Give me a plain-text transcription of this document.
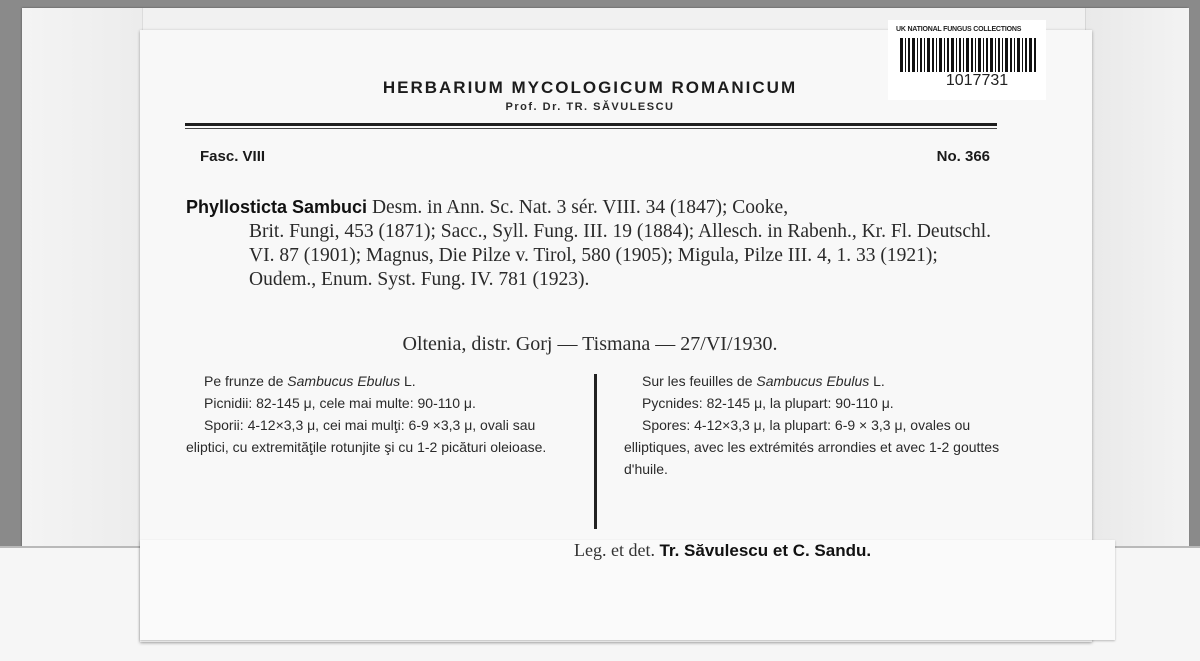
UK NATIONAL FUNGUS COLLECTIONS
1017731
HERBARIUM MYCOLOGICUM ROMANICUM
Prof. Dr. TR. SĂVULESCU
Fasc. VIII	No. 366
Phyllosticta Sambuci Desm. in Ann. Sc. Nat. 3 sér. VIII. 34 (1847); Cooke,
Brit. Fungi, 453 (1871); Sacc., Syll. Fung. III. 19 (1884); Allesch. in Rabenh., Kr. Fl. Deutschl. VI. 87 (1901); Magnus, Die Pilze v. Tirol, 580 (1905); Migula, Pilze III. 4, 1. 33 (1921); Oudem., Enum. Syst. Fung. IV. 781 (1923).
Oltenia, distr. Gorj — Tismana — 27/VI/1930.

Pe frunze de Sambucus Ebulus L.

Picnidii: 82-145 μ, cele mai multe: 90-110 μ.

Sporii: 4-12×3,3 μ, cei mai mulţi: 6-9 ×3,3 μ, ovali sau eliptici, cu extremităţile rotunjite şi cu 1-2 picături oleioase.

Sur les feuilles de Sambucus Ebulus L.

Pycnides: 82-145 μ, la plupart: 90-110 μ.

Spores: 4-12×3,3 μ, la plupart: 6-9 × 3,3 μ, ovales ou elliptiques, avec les extrémités arrondies et avec 1-2 gouttes d'huile.

Leg. et det. Tr. Săvulescu et C. Sandu.
